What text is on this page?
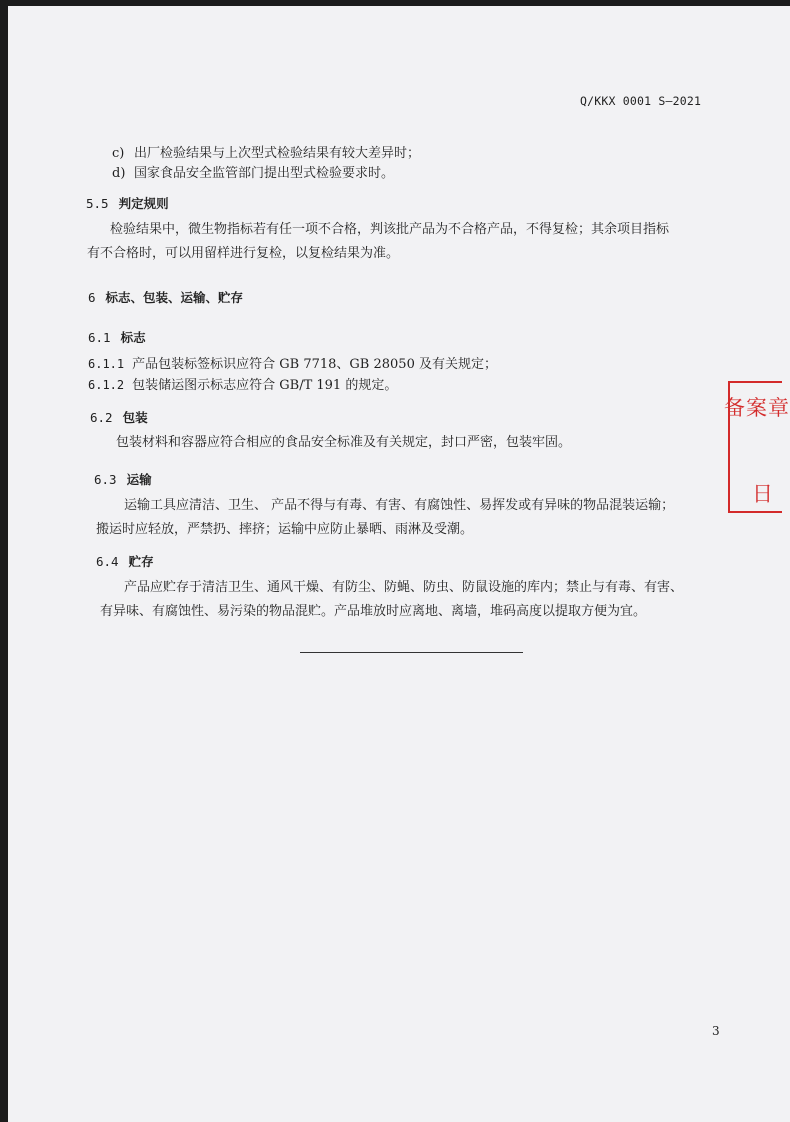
Q/KKX 0001 S—2021
c) 出厂检验结果与上次型式检验结果有较大差异时；
d) 国家食品安全监管部门提出型式检验要求时。
5.5 判定规则
检验结果中，微生物指标若有任一项不合格，判该批产品为不合格产品，不得复检；其余项目指标
有不合格时，可以用留样进行复检，以复检结果为准。
6 标志、包装、运输、贮存
6.1 标志
6.1.1 产品包装标签标识应符合 GB 7718、GB 28050 及有关规定；
6.1.2 包装储运图示标志应符合 GB/T 191 的规定。
6.2 包装
包装材料和容器应符合相应的食品安全标准及有关规定，封口严密，包装牢固。
6.3 运输
运输工具应清洁、卫生、 产品不得与有毒、有害、有腐蚀性、易挥发或有异味的物品混装运输；
搬运时应轻放，严禁扔、摔挤；运输中应防止暴晒、雨淋及受潮。
6.4 贮存
产品应贮存于清洁卫生、通风干燥、有防尘、防蝇、防虫、防鼠设施的库内；禁止与有毒、有害、
有异味、有腐蚀性、易污染的物品混贮。产品堆放时应离地、离墙，堆码高度以提取方便为宜。
3
备案章
日
